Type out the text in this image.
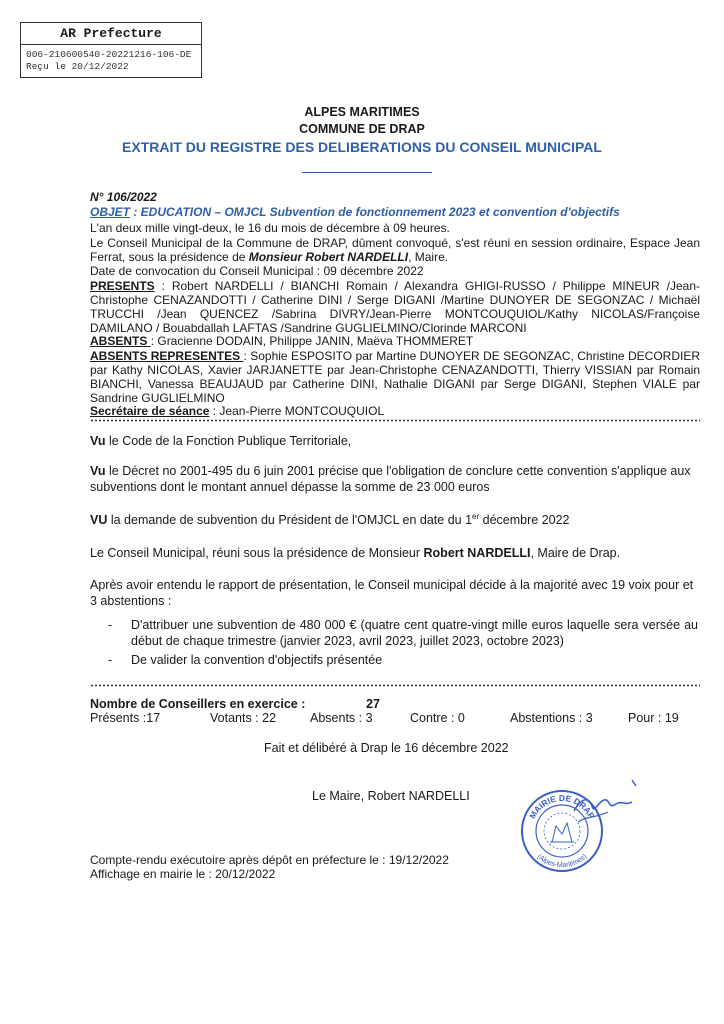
AR Prefecture
006-210600540-20221216-106-DE
Reçu le 20/12/2022
ALPES MARITIMES
COMMUNE DE DRAP
EXTRAIT DU REGISTRE DES DELIBERATIONS DU CONSEIL MUNICIPAL
N° 106/2022
OBJET : EDUCATION – OMJCL Subvention de fonctionnement 2023 et convention d'objectifs
L'an deux mille vingt-deux, le 16 du mois de décembre à 09 heures.
Le Conseil Municipal de la Commune de DRAP, dûment convoqué, s'est réuni en session ordinaire, Espace Jean Ferrat, sous la présidence de Monsieur Robert NARDELLI, Maire.
Date de convocation du Conseil Municipal : 09 décembre 2022
PRESENTS : Robert NARDELLI / BIANCHI Romain / Alexandra GHIGI-RUSSO / Philippe MINEUR /Jean-Christophe CENAZANDOTTI / Catherine DINI / Serge DIGANI /Martine DUNOYER DE SEGONZAC / Michaël TRUCCHI /Jean QUENCEZ /Sabrina DIVRY/Jean-Pierre MONTCOUQUIOL/Kathy NICOLAS/Françoise DAMILANO / Bouabdallah LAFTAS /Sandrine GUGLIELMINO/Clorinde MARCONI
ABSENTS : Gracienne DODAIN, Philippe JANIN, Maëva THOMMERET
ABSENTS REPRESENTES : Sophie ESPOSITO par Martine DUNOYER DE SEGONZAC, Christine DECORDIER par Kathy NICOLAS, Xavier JARJANETTE par Jean-Christophe CENAZANDOTTI, Thierry VISSIAN par Romain BIANCHI, Vanessa BEAUJAUD par Catherine DINI, Nathalie DIGANI par Serge DIGANI, Stephen VIALE par Sandrine GUGLIELMINO
Secrétaire de séance : Jean-Pierre MONTCOUQUIOL
Vu le Code de la Fonction Publique Territoriale,
Vu le Décret no 2001-495 du 6 juin 2001 précise que l'obligation de conclure cette convention s'applique aux subventions dont le montant annuel dépasse la somme de 23 000 euros
VU la demande de subvention du Président de l'OMJCL en date du 1er décembre 2022
Le Conseil Municipal, réuni sous la présidence de Monsieur Robert NARDELLI, Maire de Drap.
Après avoir entendu le rapport de présentation, le Conseil municipal décide à la majorité avec 19 voix pour et 3 abstentions :
- D'attribuer une subvention de 480 000 € (quatre cent quatre-vingt mille euros laquelle sera versée au début de chaque trimestre (janvier 2023, avril 2023, juillet 2023, octobre 2023)
- De valider la convention d'objectifs présentée
Nombre de Conseillers en exercice :	27
Présents :17	Votants : 22	Absents : 3	Contre : 0	Abstentions : 3	Pour : 19
Fait et délibéré à Drap le 16 décembre 2022
Le Maire, Robert NARDELLI
MAIRIE DE DRAP
(Alpes-Maritimes)
Compte-rendu exécutoire après dépôt en préfecture le : 19/12/2022
Affichage en mairie le : 20/12/2022
